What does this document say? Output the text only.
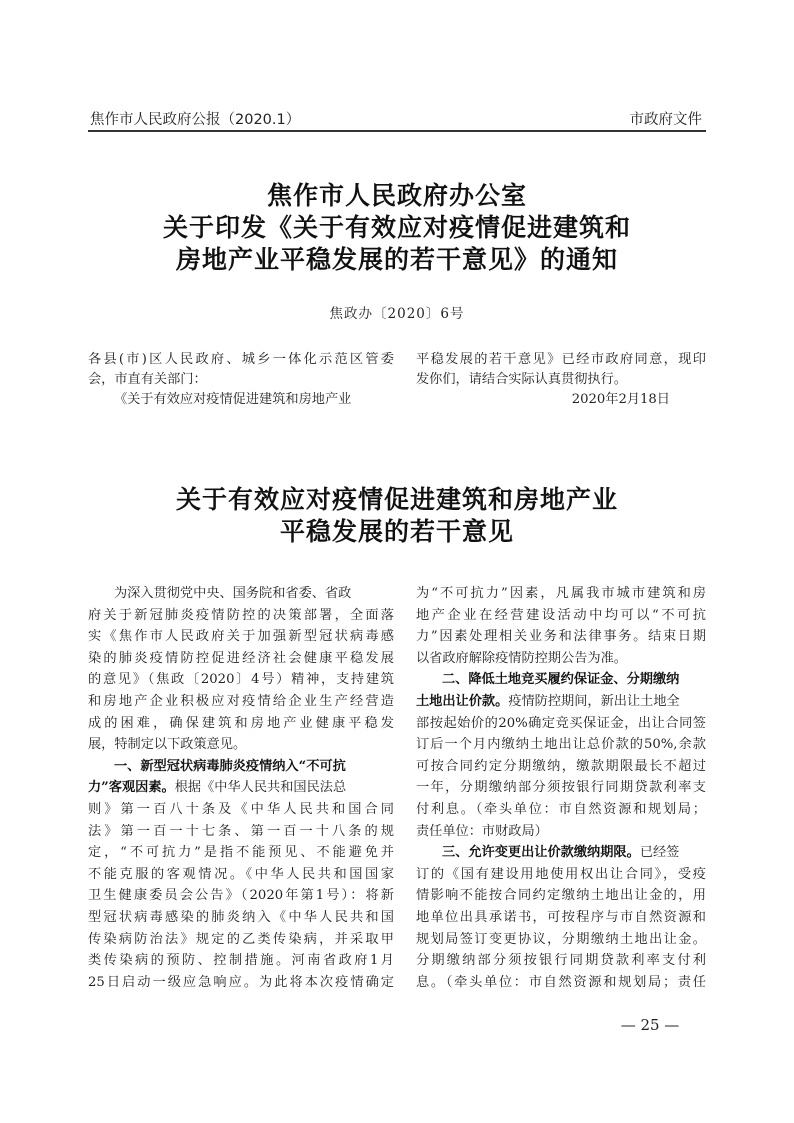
焦作市人民政府公报（2020.1）	市政府文件
焦作市人民政府办公室
关于印发《关于有效应对疫情促进建筑和
房地产业平稳发展的若干意见》的通知
焦政办〔2020〕6号
各县(市)区人民政府、城乡一体化示范区管委
会，市直有关部门：
《关于有效应对疫情促进建筑和房地产业
平稳发展的若干意见》已经市政府同意，现印
发你们，请结合实际认真贯彻执行。
2020年2月18日
关于有效应对疫情促进建筑和房地产业
平稳发展的若干意见
为深入贯彻党中央、国务院和省委、省政
府关于新冠肺炎疫情防控的决策部署，全面落
实《焦作市人民政府关于加强新型冠状病毒感
染的肺炎疫情防控促进经济社会健康平稳发展
的意见》（焦政〔2020〕4号）精神，支持建筑
和房地产企业积极应对疫情给企业生产经营造
成的困难，确保建筑和房地产业健康平稳发
展，特制定以下政策意见。
一、新型冠状病毒肺炎疫情纳入“不可抗
力”客观因素。根据《中华人民共和国民法总
则》第一百八十条及《中华人民共和国合同
法》第一百一十七条、第一百一十八条的规
定，“不可抗力”是指不能预见、不能避免并
不能克服的客观情况。《中华人民共和国国家
卫生健康委员会公告》（2020年第1号）：将新
型冠状病毒感染的肺炎纳入《中华人民共和国
传染病防治法》规定的乙类传染病，并采取甲
类传染病的预防、控制措施。河南省政府1月
25日启动一级应急响应。为此将本次疫情确定
为“不可抗力”因素，凡属我市城市建筑和房
地产企业在经营建设活动中均可以“不可抗
力”因素处理相关业务和法律事务。结束日期
以省政府解除疫情防控期公告为准。
二、降低土地竞买履约保证金、分期缴纳
土地出让价款。疫情防控期间，新出让土地全
部按起始价的20%确定竞买保证金，出让合同签
订后一个月内缴纳土地出让总价款的50%,余款
可按合同约定分期缴纳，缴款期限最长不超过
一年，分期缴纳部分须按银行同期贷款利率支
付利息。（牵头单位：市自然资源和规划局；
责任单位：市财政局）
三、允许变更出让价款缴纳期限。已经签
订的《国有建设用地使用权出让合同》，受疫
情影响不能按合同约定缴纳土地出让金的，用
地单位出具承诺书，可按程序与市自然资源和
规划局签订变更协议，分期缴纳土地出让金。
分期缴纳部分须按银行同期贷款利率支付利
息。（牵头单位：市自然资源和规划局；责任
— 25 —
